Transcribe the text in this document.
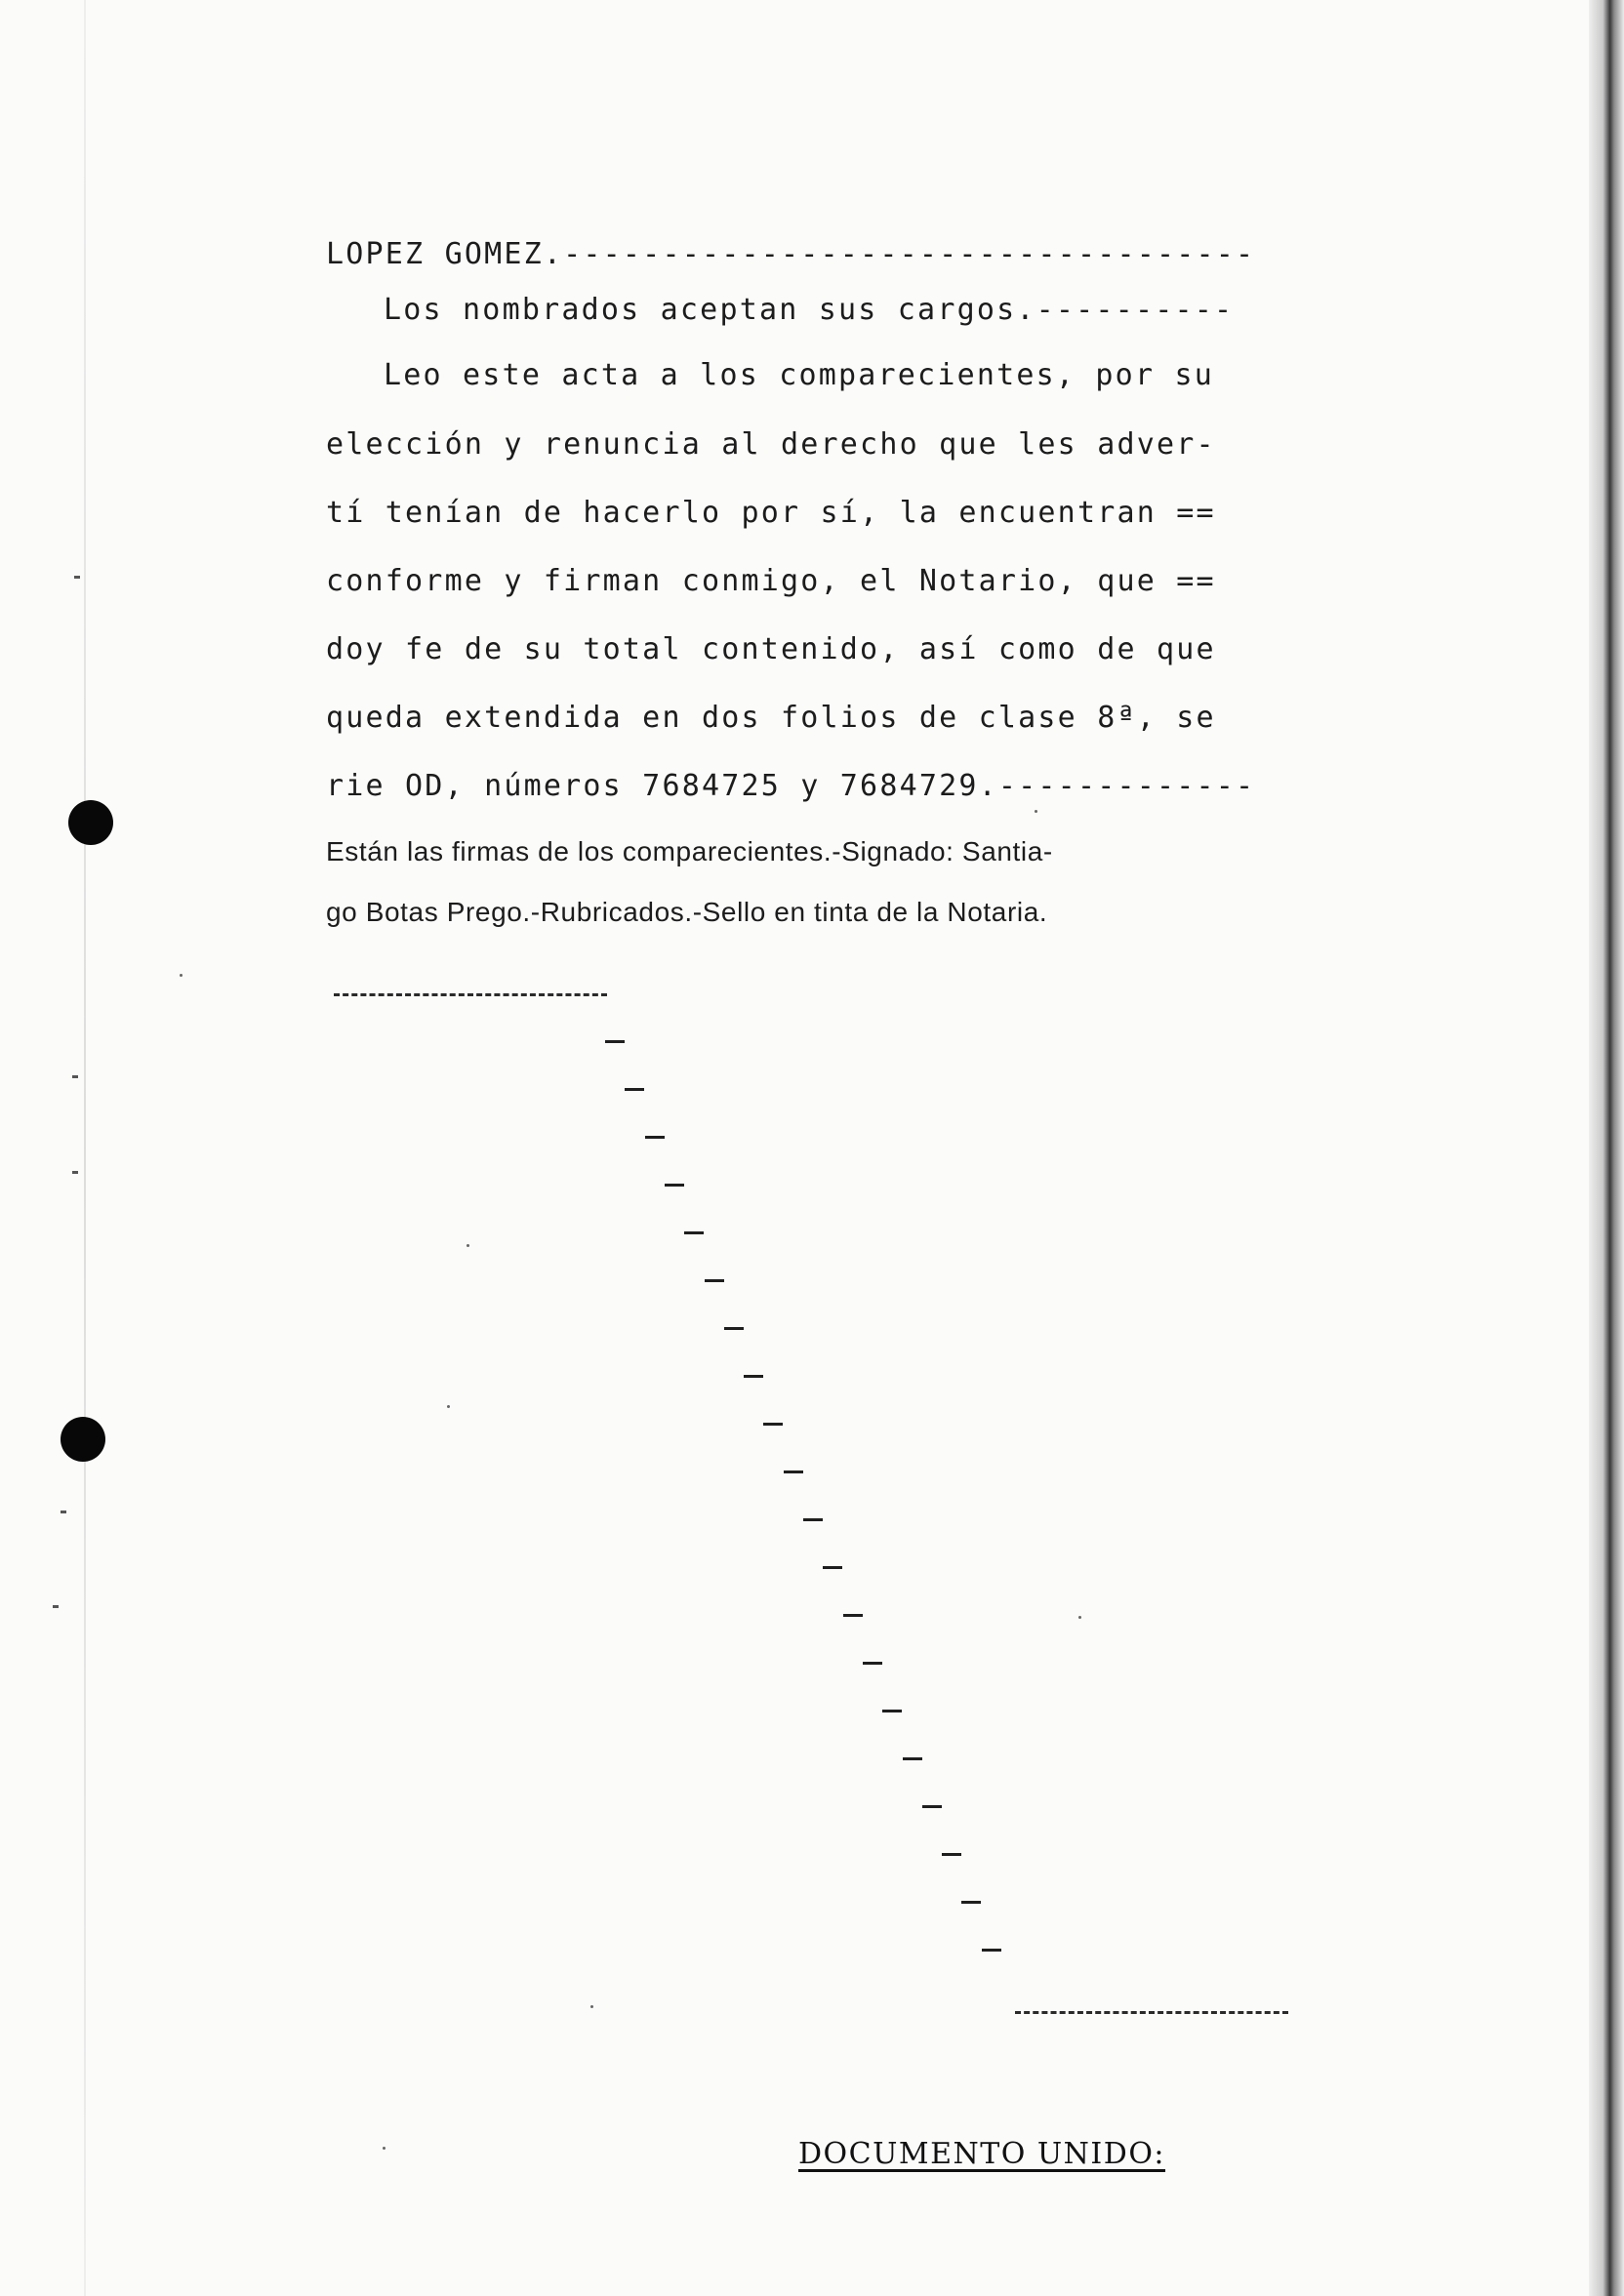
LOPEZ GOMEZ.-----------------------------------
Los nombrados aceptan sus cargos.----------
Leo este acta a los comparecientes, por su
elección y renuncia al derecho que les adver-
tí tenían de hacerlo por sí, la encuentran ==
conforme y firman conmigo, el Notario, que ==
doy fe de su total contenido, así como de que
queda extendida en dos folios de clase 8ª, se
rie OD, números 7684725 y 7684729.-------------
Están las firmas de los comparecientes.-Signado: Santia-
go Botas Prego.-Rubricados.-Sello en tinta de la Notaria.
DOCUMENTO UNIDO:
